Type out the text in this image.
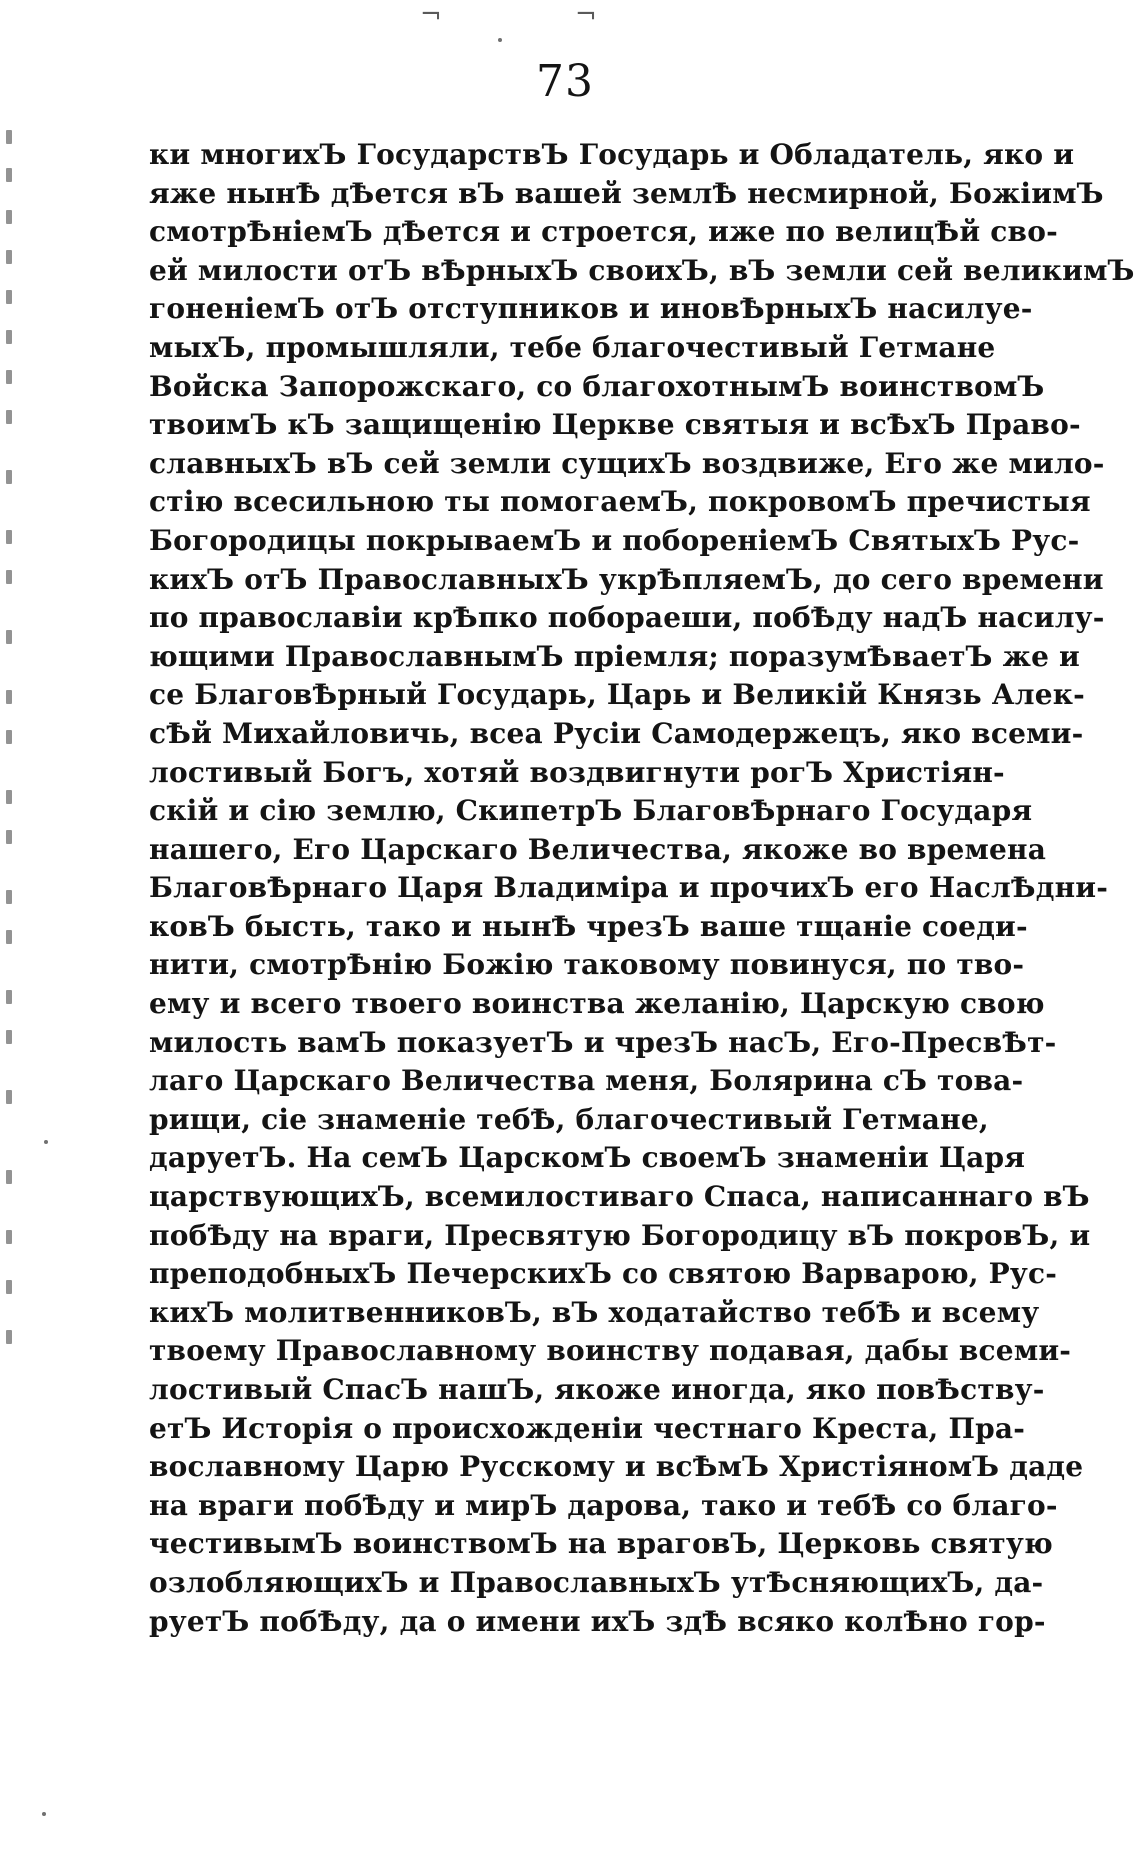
73
¬	¬
ки многихЪ ГосударствЪ Государь и Обладатель, яко и
яже нынѢ дѢется вЪ вашей землѢ несмирной, БожіимЪ
смотрѢніемЪ дѢется и строется, иже по велицѢй сво-
ей милости отЪ вѢрныхЪ своихЪ, вЪ земли сей великимЪ
гоненіемЪ отЪ отступников и иновѢрныхЪ насилуе-
мыхЪ, промышляли, тебе благочестивый Гетмане
Войска Запорожскаго, со благохотнымЪ воинствомЪ
твоимЪ кЪ защищенію Церкве святыя и всѢхЪ Право-
славныхЪ вЪ сей земли сущихЪ воздвиже, Его же мило-
стію всесильною ты помогаемЪ, покровомЪ пречистыя
Богородицы покрываемЪ и побореніемЪ СвятыхЪ Рус-
кихЪ отЪ ПравославныхЪ укрѢпляемЪ, до сего времени
по православіи крѢпко побораеши, побѢду надЪ насилу-
ющими ПравославнымЪ пріемля; поразумѢваетЪ же и
се БлаговѢрный Государь, Царь и Великій Князь Алек-
сѢй Михайловичь, всеа Русіи Самодержецъ, яко всеми-
лостивый Богъ, хотяй воздвигнути рогЪ Христіян-
скій и сію землю, СкипетрЪ БлаговѢрнаго Государя
нашего, Его Царскаго Величества, якоже во времена
БлаговѢрнаго Царя Владиміра и прочихЪ его НаслѢдни-
ковЪ бысть, тако и нынѢ чрезЪ ваше тщаніе соеди-
нити, смотрѢнію Божію таковому повинуся, по тво-
ему и всего твоего воинства желанію, Царскую свою
милость вамЪ показуетЪ и чрезЪ насЪ, Его-ПресвѢт-
лаго Царскаго Величества меня, Болярина сЪ това-
рищи, сіе знаменіе тебѢ, благочестивый Гетмане,
даруетЪ. На семЪ ЦарскомЪ своемЪ знаменіи Царя
царствующихЪ, всемилостиваго Спаса, написаннаго вЪ
побѢду на враги, Пресвятую Богородицу вЪ покровЪ, и
преподобныхЪ ПечерскихЪ со святою Варварою, Рус-
кихЪ молитвенниковЪ, вЪ ходатайство тебѢ и всему
твоему Православному воинству подавая, дабы всеми-
лостивый СпасЪ нашЪ, якоже иногда, яко повѢству-
етЪ Исторія о происхожденіи честнаго Креста, Пра-
вославному Царю Русскому и всѢмЪ ХристіяномЪ даде
на враги побѢду и мирЪ дарова, тако и тебѢ со благо-
честивымЪ воинствомЪ на враговЪ, Церковь святую
озлобляющихЪ и ПравославныхЪ утѢсняющихЪ, да-
руетЪ побѢду, да о имени ихЪ здѢ всяко колѢно гор-
